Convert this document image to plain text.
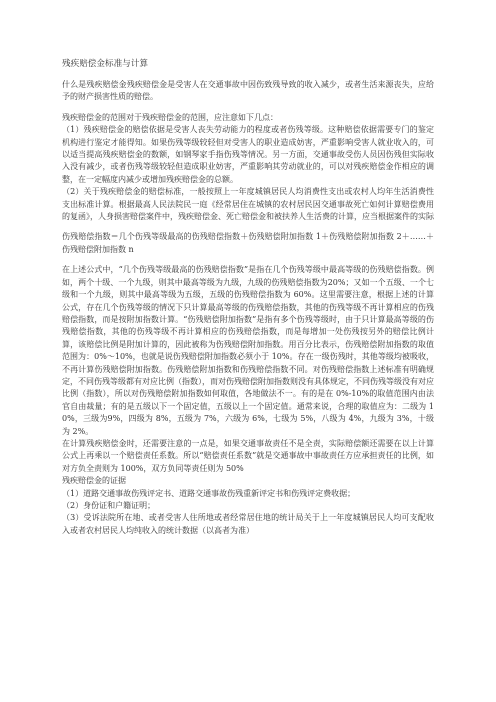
残疾赔偿金标准与计算

什么是残疾赔偿金残疾赔偿金是受害人在交通事故中因伤致残导致的收入减少，或者生活来源丧失，应给予的财产损害性质的赔偿。

残疾赔偿金的范围对于残疾赔偿金的范围，应注意如下几点：

（1）残疾赔偿金的赔偿依据是受害人丧失劳动能力的程度或者伤残等级。这种赔偿依据需要专门的鉴定机构进行鉴定才能得知。如果伤残等级较轻但对受害人的职业造成妨害，严重影响受害人就业收入的，可以适当提高残疾赔偿金的数额，如钢琴家手指伤残等情况。另一方面，交通事故受伤人员因伤残但实际收入没有减少，或者伤残等级较轻但造成职业妨害，严重影响其劳动就业的，可以对残疾赔偿金作相应的调整，在一定幅度内减少或增加残疾赔偿金的总额。

（2）关于残疾赔偿金的赔偿标准，一般按照上一年度城镇居民人均消费性支出或农村人均年生活消费性支出标准计算。根据最高人民法院民一庭《经常居住在城镇的农村居民因交通事故死亡如何计算赔偿费用的复函》，人身损害赔偿案件中，残疾赔偿金、死亡赔偿金和被扶养人生活费的计算，应当根据案件的实际

伤残赔偿指数＝几个伤残等级最高的伤残赔偿指数＋伤残赔偿附加指数 1＋伤残赔偿附加指数 2＋……＋伤残赔偿附加指数 n

在上述公式中，“几个伤残等级最高的伤残赔偿指数”是指在几个伤残等级中最高等级的伤残赔偿指数。例如，两个十级、一个九级，则其中最高等级为九级，九级的伤残赔偿指数为20%；又如一个五级、一个七级和一个九级，则其中最高等级为五级，五级的伤残赔偿指数为 60%。这里需要注意，根据上述的计算公式，存在几个伤残等级的情况下只计算最高等级的伤残赔偿指数，其他的伤残等级不再计算相应的伤残赔偿指数，而是按附加指数计算。“伤残赔偿附加指数”是指有多个伤残等级时，由于只计算最高等级的伤残赔偿指数，其他的伤残等级不再计算相应的伤残赔偿指数，而是每增加一处伤残按另外的赔偿比例计算，该赔偿比例是附加计算的，因此被称为伤残赔偿附加指数。用百分比表示，伤残赔偿附加指数的取值范围为：0%～10%，也就是说伤残赔偿附加指数必须小于 10%。存在一级伤残时，其他等级均被吸收，不再计算伤残赔偿附加指数。伤残赔偿附加指数和伤残赔偿指数不同。对伤残赔偿指数上述标准有明确规定，不同伤残等级都有对应比例（指数），而对伤残赔偿附加指数则没有具体规定，不同伤残等级没有对应比例（指数），所以对伤残赔偿附加指数如何取值，各地做法不一。有的是在 0%-10%的取值范围内由法官自由裁量；有的是五级以下一个固定值，五级以上一个固定值。通常来说，合理的取值应为：二级为 10%，三级为9%，四级为 8%，五级为 7%，六级为 6%，七级为 5%，八级为 4%，九级为 3%，十级为 2%。

在计算残疾赔偿金时，还需要注意的一点是，如果交通事故责任不是全责，实际赔偿额还需要在以上计算公式上再乘以一个赔偿责任系数。所以“赔偿责任系数”就是交通事故中事故责任方应承担责任的比例，如对方负全责则为 100%，双方负同等责任则为 50%

残疾赔偿金的证据

（1）道路交通事故伤残评定书、道路交通事故伤残重新评定书和伤残评定费收据；

（2）身份证和户籍证明；

（3）受诉法院所在地、或者受害人住所地或者经常居住地的统计局关于上一年度城镇居民人均可支配收入或者农村居民人均纯收入的统计数据（以高者为准）
